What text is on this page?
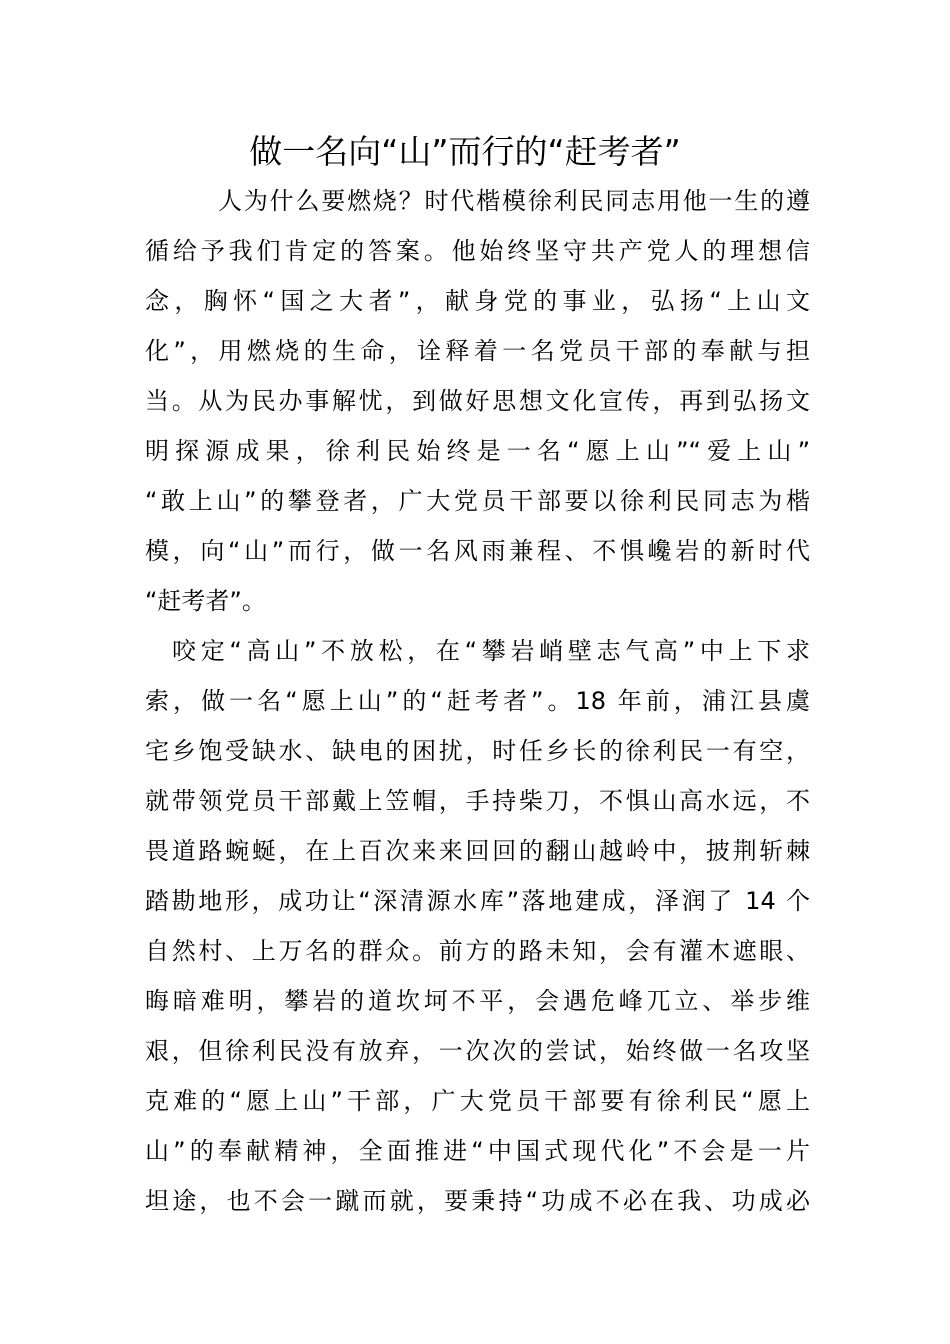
做一名向“山”而行的“赶考者”
人为什么要燃烧？时代楷模徐利民同志用他一生的遵
循给予我们肯定的答案。他始终坚守共产党人的理想信
念，胸怀“国之大者”，献身党的事业，弘扬“上山文
化”，用燃烧的生命，诠释着一名党员干部的奉献与担
当。从为民办事解忧，到做好思想文化宣传，再到弘扬文
明探源成果，徐利民始终是一名“愿上山”“爱上山”
“敢上山”的攀登者，广大党员干部要以徐利民同志为楷
模，向“山”而行，做一名风雨兼程、不惧巉岩的新时代
“赶考者”。
咬定“高山”不放松，在“攀岩峭壁志气高”中上下求
索，做一名“愿上山”的“赶考者”。18 年前，浦江县虞
宅乡饱受缺水、缺电的困扰，时任乡长的徐利民一有空，
就带领党员干部戴上笠帽，手持柴刀，不惧山高水远，不
畏道路蜿蜒，在上百次来来回回的翻山越岭中，披荆斩棘
踏勘地形，成功让“深清源水库”落地建成，泽润了 14 个
自然村、上万名的群众。前方的路未知，会有灌木遮眼、
晦暗难明，攀岩的道坎坷不平，会遇危峰兀立、举步维
艰，但徐利民没有放弃，一次次的尝试，始终做一名攻坚
克难的“愿上山”干部，广大党员干部要有徐利民“愿上
山”的奉献精神，全面推进“中国式现代化”不会是一片
坦途，也不会一蹴而就，要秉持“功成不必在我、功成必
